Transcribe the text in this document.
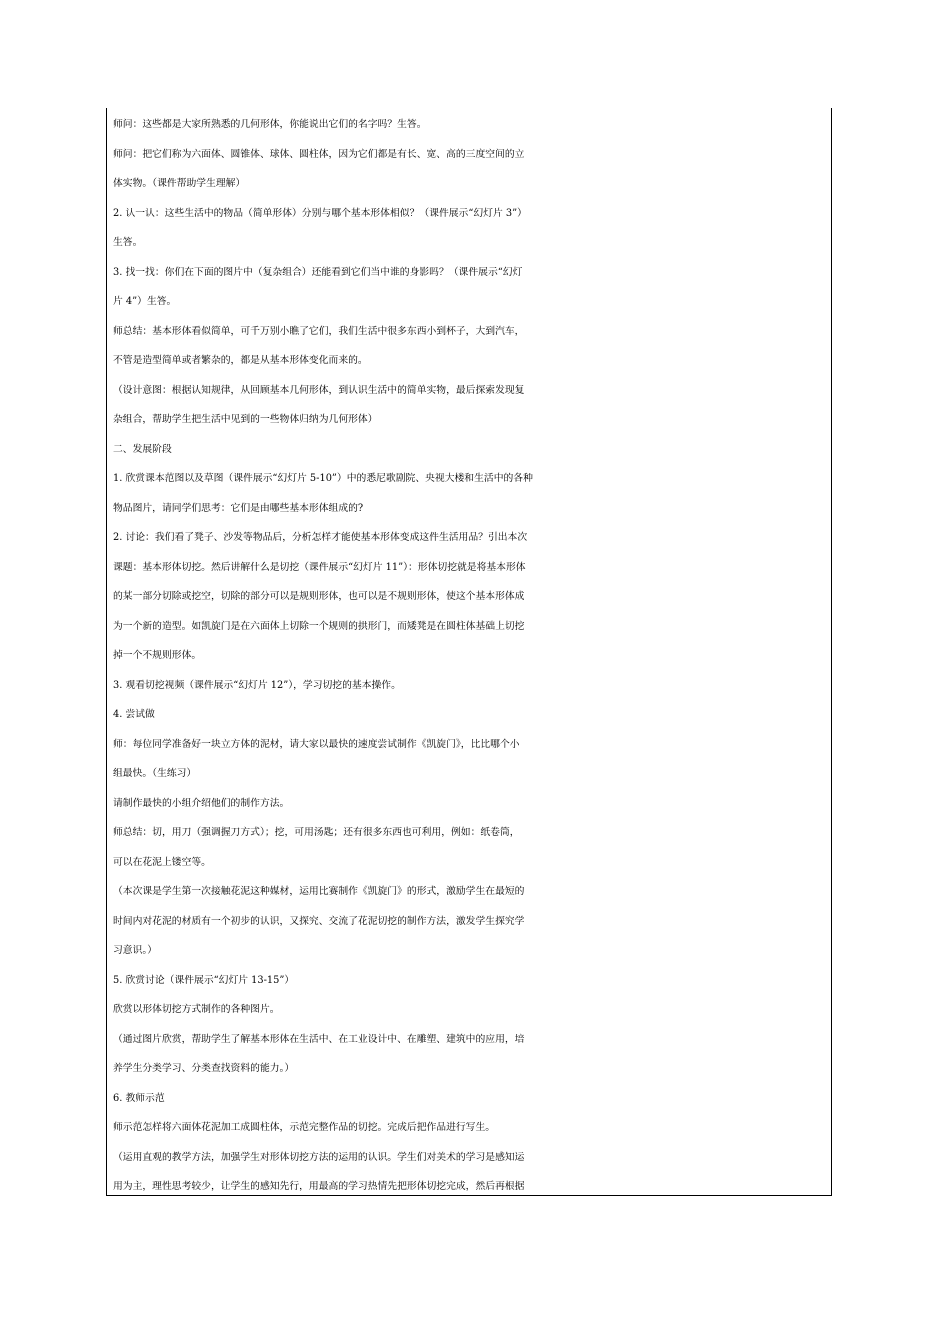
师问：这些都是大家所熟悉的几何形体，你能说出它们的名字吗？生答。
师问：把它们称为六面体、圆锥体、球体、圆柱体，因为它们都是有长、宽、高的三度空间的立
体实物。（课件帮助学生理解）
2. 认一认：这些生活中的物品（简单形体）分别与哪个基本形体相似？（课件展示“幻灯片 3”）
生答。
3. 找一找：你们在下面的图片中（复杂组合）还能看到它们当中谁的身影吗？（课件展示“幻灯
片 4”）生答。
师总结：基本形体看似简单，可千万别小瞧了它们，我们生活中很多东西小到杯子，大到汽车，
不管是造型简单或者繁杂的，都是从基本形体变化而来的。
（设计意图：根据认知规律，从回顾基本几何形体，到认识生活中的简单实物，最后探索发现复
杂组合，帮助学生把生活中见到的一些物体归纳为几何形体）
二、发展阶段
1. 欣赏课本范图以及草图（课件展示“幻灯片 5-10”）中的悉尼歌剧院、央视大楼和生活中的各种
物品图片，请同学们思考：它们是由哪些基本形体组成的?
2. 讨论：我们看了凳子、沙发等物品后，分析怎样才能使基本形体变成这件生活用品？引出本次
课题：基本形体切挖。然后讲解什么是切挖（课件展示“幻灯片 11”）：形体切挖就是将基本形体
的某一部分切除或挖空，切除的部分可以是规则形体，也可以是不规则形体，使这个基本形体成
为一个新的造型。如凯旋门是在六面体上切除一个规则的拱形门，而矮凳是在圆柱体基础上切挖
掉一个不规则形体。
3. 观看切挖视频（课件展示“幻灯片 12”），学习切挖的基本操作。
4. 尝试做
师：每位同学准备好一块立方体的泥材，请大家以最快的速度尝试制作《凯旋门》，比比哪个小
组最快。（生练习）
请制作最快的小组介绍他们的制作方法。
师总结：切，用刀（强调握刀方式）；挖，可用汤匙；还有很多东西也可利用，例如：纸卷筒，
可以在花泥上镂空等。
（本次课是学生第一次接触花泥这种媒材，运用比赛制作《凯旋门》的形式，激励学生在最短的
时间内对花泥的材质有一个初步的认识，又探究、交流了花泥切挖的制作方法，激发学生探究学
习意识。）
5. 欣赏讨论（课件展示“幻灯片 13-15”）
欣赏以形体切挖方式制作的各种图片。
（通过图片欣赏，帮助学生了解基本形体在生活中、在工业设计中、在雕塑、建筑中的应用，培
养学生分类学习、分类查找资料的能力。）
6. 教师示范
师示范怎样将六面体花泥加工成圆柱体，示范完整作品的切挖。完成后把作品进行写生。
（运用直观的教学方法，加强学生对形体切挖方法的运用的认识。学生们对美术的学习是感知运
用为主，理性思考较少，让学生的感知先行，用最高的学习热情先把形体切挖完成，然后再根据
